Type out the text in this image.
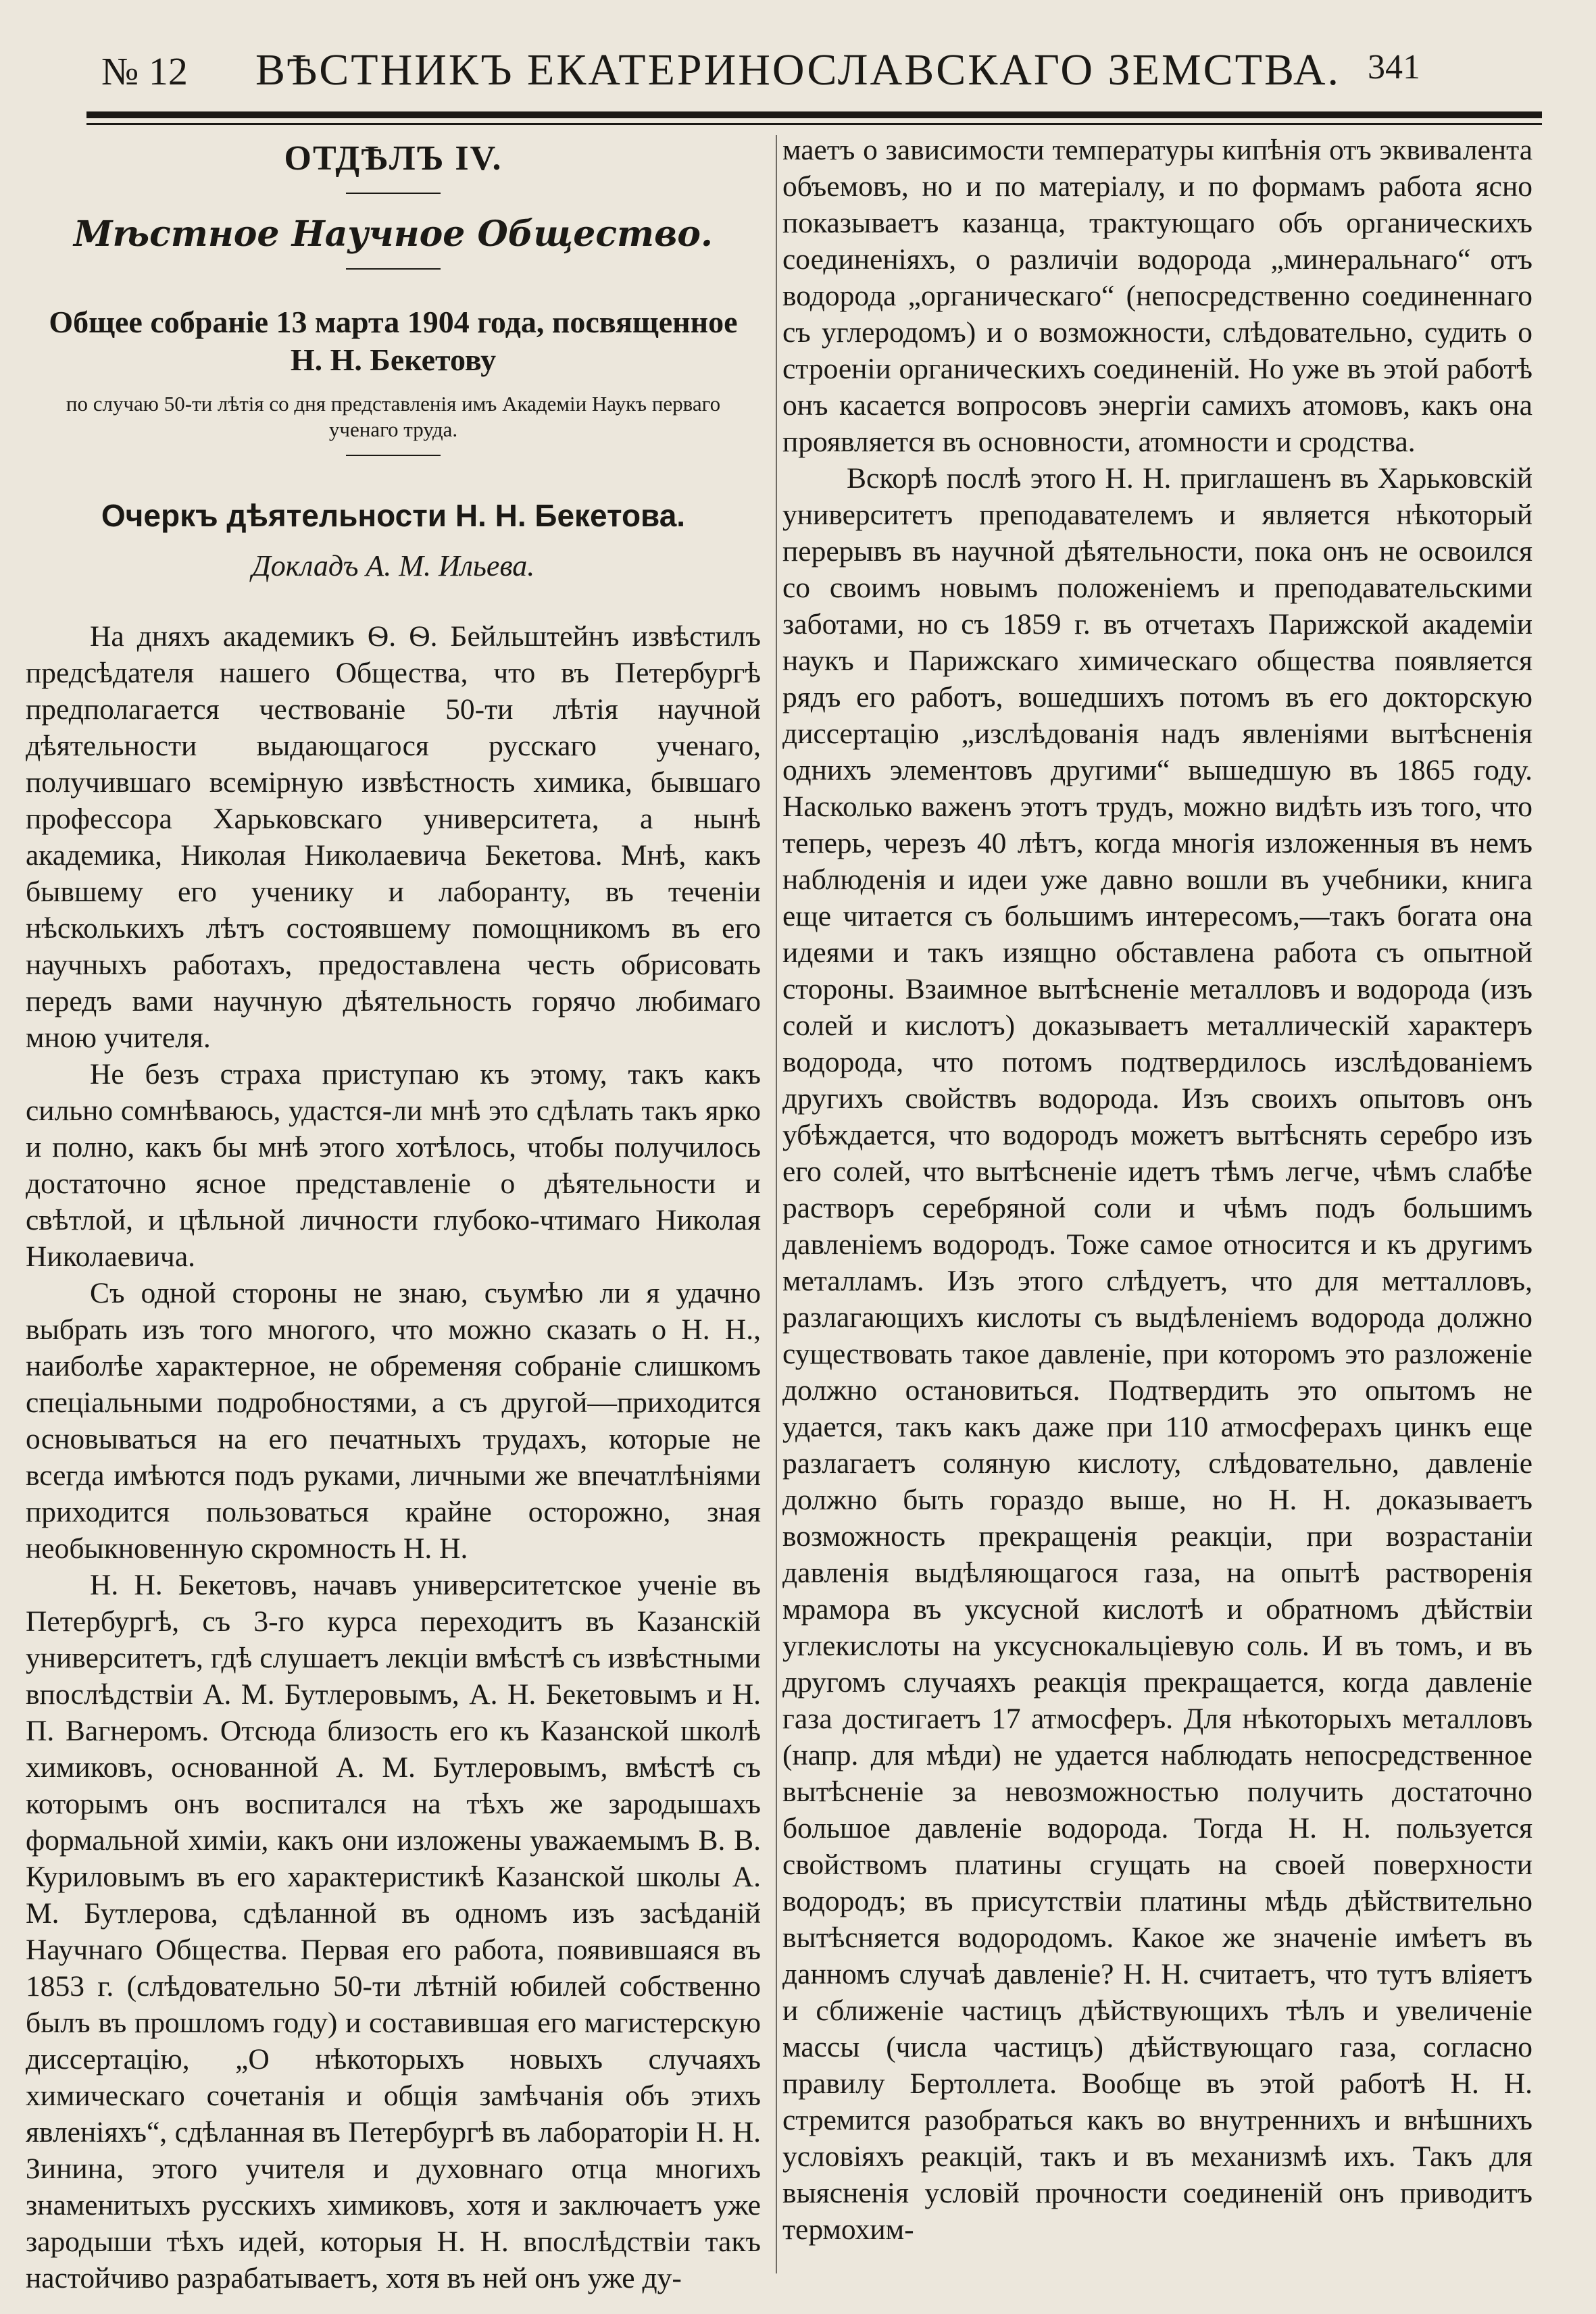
№ 12	ВѢСТНИКЪ ЕКАТЕРИНОСЛАВСКАГО ЗЕМСТВА. 341
ОТДѢЛЪ IV.
Мѣстное Научное Общество.
Общее собраніе 13 марта 1904 года, посвященное Н. Н. Бекетову
по случаю 50-ти лѣтія со дня представленія имъ Академіи Наукъ перваго ученаго труда.
Очеркъ дѣятельности Н. Н. Бекетова.
Докладъ А. М. Ильева.

На дняхъ академикъ Ѳ. Ѳ. Бейльштейнъ извѣстилъ предсѣдателя нашего Общества, что въ Петербургѣ предполагается чествованіе 50-ти лѣтія научной дѣятельности выдающагося русскаго ученаго, получившаго всемірную извѣстность химика, бывшаго профессора Харьковскаго университета, а нынѣ академика, Николая Николаевича Бекетова. Мнѣ, какъ бывшему его ученику и лаборанту, въ теченіи нѣсколькихъ лѣтъ состоявшему помощникомъ въ его научныхъ работахъ, предоставлена честь обрисовать передъ вами научную дѣятельность горячо любимаго мною учителя.

Не безъ страха приступаю къ этому, такъ какъ сильно сомнѣваюсь, удастся-ли мнѣ это сдѣлать такъ ярко и полно, какъ бы мнѣ этого хотѣлось, чтобы получилось достаточно ясное представленіе о дѣятельности и свѣтлой, и цѣльной личности глубоко-чтимаго Николая Николаевича.

Съ одной стороны не знаю, съумѣю ли я удачно выбрать изъ того многого, что можно сказать о Н. Н., наиболѣе характерное, не обременяя собраніе слишкомъ спеціальными подробностями, а съ другой—приходится основываться на его печатныхъ трудахъ, которые не всегда имѣются подъ руками, личными же впечатлѣніями приходится пользоваться крайне осторожно, зная необыкновенную скромность Н. Н.

Н. Н. Бекетовъ, начавъ университетское ученіе въ Петербургѣ, съ 3-го курса переходитъ въ Казанскій университетъ, гдѣ слушаетъ лекціи вмѣстѣ съ извѣстными впослѣдствіи А. М. Бутлеровымъ, А. Н. Бекетовымъ и Н. П. Вагнеромъ. Отсюда близость его къ Казанской школѣ химиковъ, основанной А. М. Бутлеровымъ, вмѣстѣ съ которымъ онъ воспитался на тѣхъ же зародышахъ формальной химіи, какъ они изложены уважаемымъ В. В. Куриловымъ въ его характеристикѣ Казанской школы А. М. Бутлерова, сдѣланной въ одномъ изъ засѣданій Научнаго Общества. Первая его работа, появившаяся въ 1853 г. (слѣдовательно 50-ти лѣтній юбилей собственно былъ въ прошломъ году) и составившая его магистерскую диссертацію, „О нѣкоторыхъ новыхъ случаяхъ химическаго сочетанія и общія замѣчанія объ этихъ явленіяхъ“, сдѣланная въ Петербургѣ въ лабораторіи Н. Н. Зинина, этого учителя и духовнаго отца многихъ знаменитыхъ русскихъ химиковъ, хотя и заключаетъ уже зародыши тѣхъ идей, которыя Н. Н. впослѣдствіи такъ настойчиво разрабатываетъ, хотя въ ней онъ уже ду-

маетъ о зависимости температуры кипѣнія отъ эквивалента объемовъ, но и по матеріалу, и по формамъ работа ясно показываетъ казанца, трактующаго объ органическихъ соединеніяхъ, о различіи водорода „минеральнаго“ отъ водорода „органическаго“ (непосредственно соединеннаго съ углеродомъ) и о возможности, слѣдовательно, судить о строеніи органическихъ соединеній. Но уже въ этой работѣ онъ касается вопросовъ энергіи самихъ атомовъ, какъ она проявляется въ основности, атомности и сродства.

Вскорѣ послѣ этого Н. Н. приглашенъ въ Харьковскій университетъ преподавателемъ и является нѣкоторый перерывъ въ научной дѣятельности, пока онъ не освоился со своимъ новымъ положеніемъ и преподавательскими заботами, но съ 1859 г. въ отчетахъ Парижской академіи наукъ и Парижскаго химическаго общества появляется рядъ его работъ, вошедшихъ потомъ въ его докторскую диссертацію „изслѣдованія надъ явленіями вытѣсненія однихъ элементовъ другими“ вышедшую въ 1865 году. Насколько важенъ этотъ трудъ, можно видѣть изъ того, что теперь, черезъ 40 лѣтъ, когда многія изложенныя въ немъ наблюденія и идеи уже давно вошли въ учебники, книга еще читается съ большимъ интересомъ,—такъ богата она идеями и такъ изящно обставлена работа съ опытной стороны. Взаимное вытѣсненіе металловъ и водорода (изъ солей и кислотъ) доказываетъ металлическій характеръ водорода, что потомъ подтвердилось изслѣдованіемъ другихъ свойствъ водорода. Изъ своихъ опытовъ онъ убѣждается, что водородъ можетъ вытѣснять серебро изъ его солей, что вытѣсненіе идетъ тѣмъ легче, чѣмъ слабѣе растворъ серебряной соли и чѣмъ подъ большимъ давленіемъ водородъ. Тоже самое относится и къ другимъ металламъ. Изъ этого слѣдуетъ, что для метталловъ, разлагающихъ кислоты съ выдѣленіемъ водорода должно существовать такое давленіе, при которомъ это разложеніе должно остановиться. Подтвердить это опытомъ не удается, такъ какъ даже при 110 атмосферахъ цинкъ еще разлагаетъ соляную кислоту, слѣдовательно, давленіе должно быть гораздо выше, но Н. Н. доказываетъ возможность прекращенія реакціи, при возрастаніи давленія выдѣляющагося газа, на опытѣ растворенія мрамора въ уксусной кислотѣ и обратномъ дѣйствіи углекислоты на уксуснокальціевую соль. И въ томъ, и въ другомъ случаяхъ реакція прекращается, когда давленіе газа достигаетъ 17 атмосферъ. Для нѣкоторыхъ металловъ (напр. для мѣди) не удается наблюдать непосредственное вытѣсненіе за невозможностью получить достаточно большое давленіе водорода. Тогда Н. Н. пользуется свойствомъ платины сгущать на своей поверхности водородъ; въ присутствіи платины мѣдь дѣйствительно вытѣсняется водородомъ. Какое же значеніе имѣетъ въ данномъ случаѣ давленіе? Н. Н. считаетъ, что тутъ вліяетъ и сближеніе частицъ дѣйствующихъ тѣлъ и увеличеніе массы (числа частицъ) дѣйствующаго газа, согласно правилу Бертоллета. Вообще въ этой работѣ Н. Н. стремится разобраться какъ во внутреннихъ и внѣшнихъ условіяхъ реакцій, такъ и въ механизмѣ ихъ. Такъ для выясненія условій прочности соединеній онъ приводитъ термохим-
